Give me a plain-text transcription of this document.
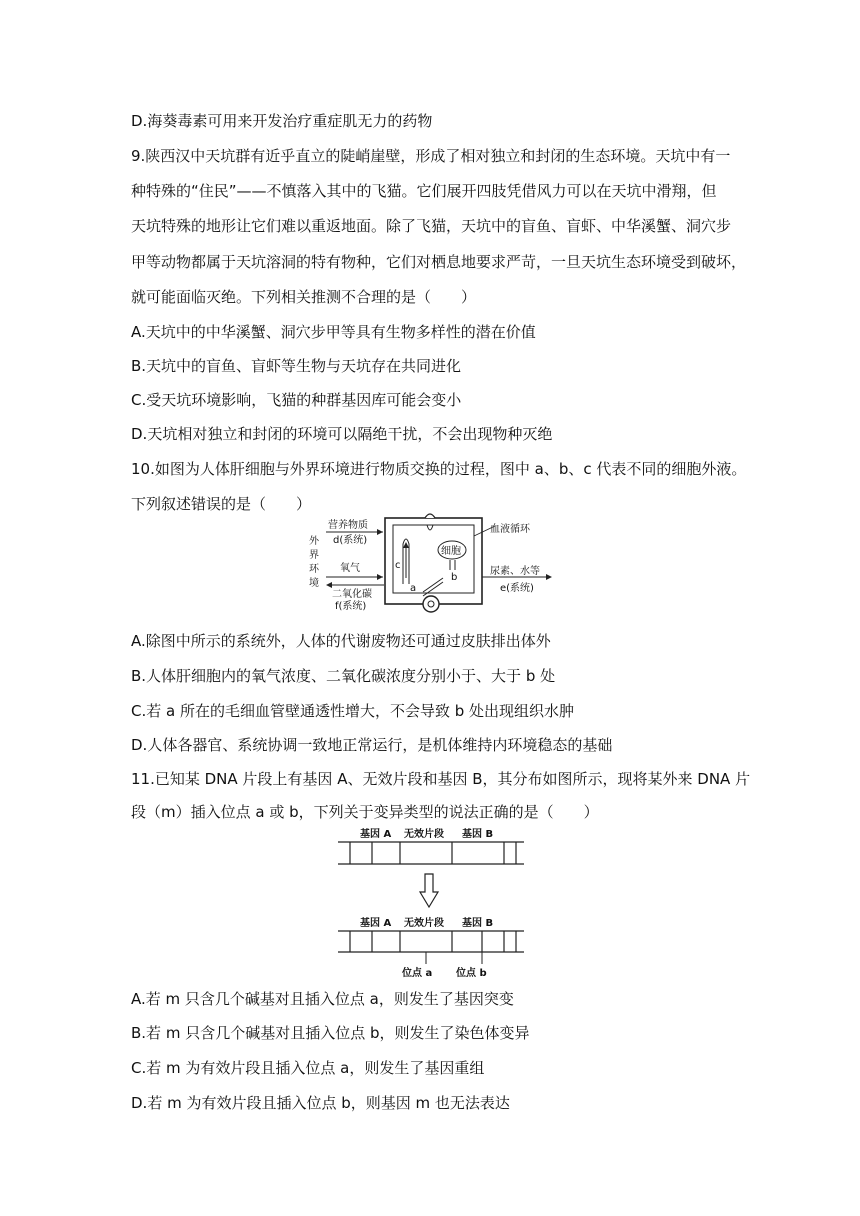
D.海葵毒素可用来开发治疗重症肌无力的药物
9.陕西汉中天坑群有近乎直立的陡峭崖壁，形成了相对独立和封闭的生态环境。天坑中有一
种特殊的“住民”——不慎落入其中的飞猫。它们展开四肢凭借风力可以在天坑中滑翔，但
天坑特殊的地形让它们难以重返地面。除了飞猫，天坑中的盲鱼、盲虾、中华溪蟹、洞穴步
甲等动物都属于天坑溶洞的特有物种，它们对栖息地要求严苛，一旦天坑生态环境受到破坏，
就可能面临灭绝。下列相关推测不合理的是（　　）
A.天坑中的中华溪蟹、洞穴步甲等具有生物多样性的潜在价值
B.天坑中的盲鱼、盲虾等生物与天坑存在共同进化
C.受天坑环境影响，飞猫的种群基因库可能会变小
D.天坑相对独立和封闭的环境可以隔绝干扰，不会出现物种灭绝
10.如图为人体肝细胞与外界环境进行物质交换的过程，图中 a、b、c 代表不同的细胞外液。
下列叙述错误的是（　　）
外
界
环
境
营养物质
d(系统)
氧气
二氧化碳
f(系统)
c
细胞
b
a
血液循环
尿素、水等
e(系统)
A.除图中所示的系统外，人体的代谢废物还可通过皮肤排出体外
B.人体肝细胞内的氧气浓度、二氧化碳浓度分别小于、大于 b 处
C.若 a 所在的毛细血管壁通透性增大，不会导致 b 处出现组织水肿
D.人体各器官、系统协调一致地正常运行，是机体维持内环境稳态的基础
11.已知某 DNA 片段上有基因 A、无效片段和基因 B，其分布如图所示，现将某外来 DNA 片
段（m）插入位点 a 或 b，下列关于变异类型的说法正确的是（　　）
基因 A 无效片段 基因 B
基因 A 无效片段 基因 B
位点 a 位点 b
A.若 m 只含几个碱基对且插入位点 a，则发生了基因突变
B.若 m 只含几个碱基对且插入位点 b，则发生了染色体变异
C.若 m 为有效片段且插入位点 a，则发生了基因重组
D.若 m 为有效片段且插入位点 b，则基因 m 也无法表达
